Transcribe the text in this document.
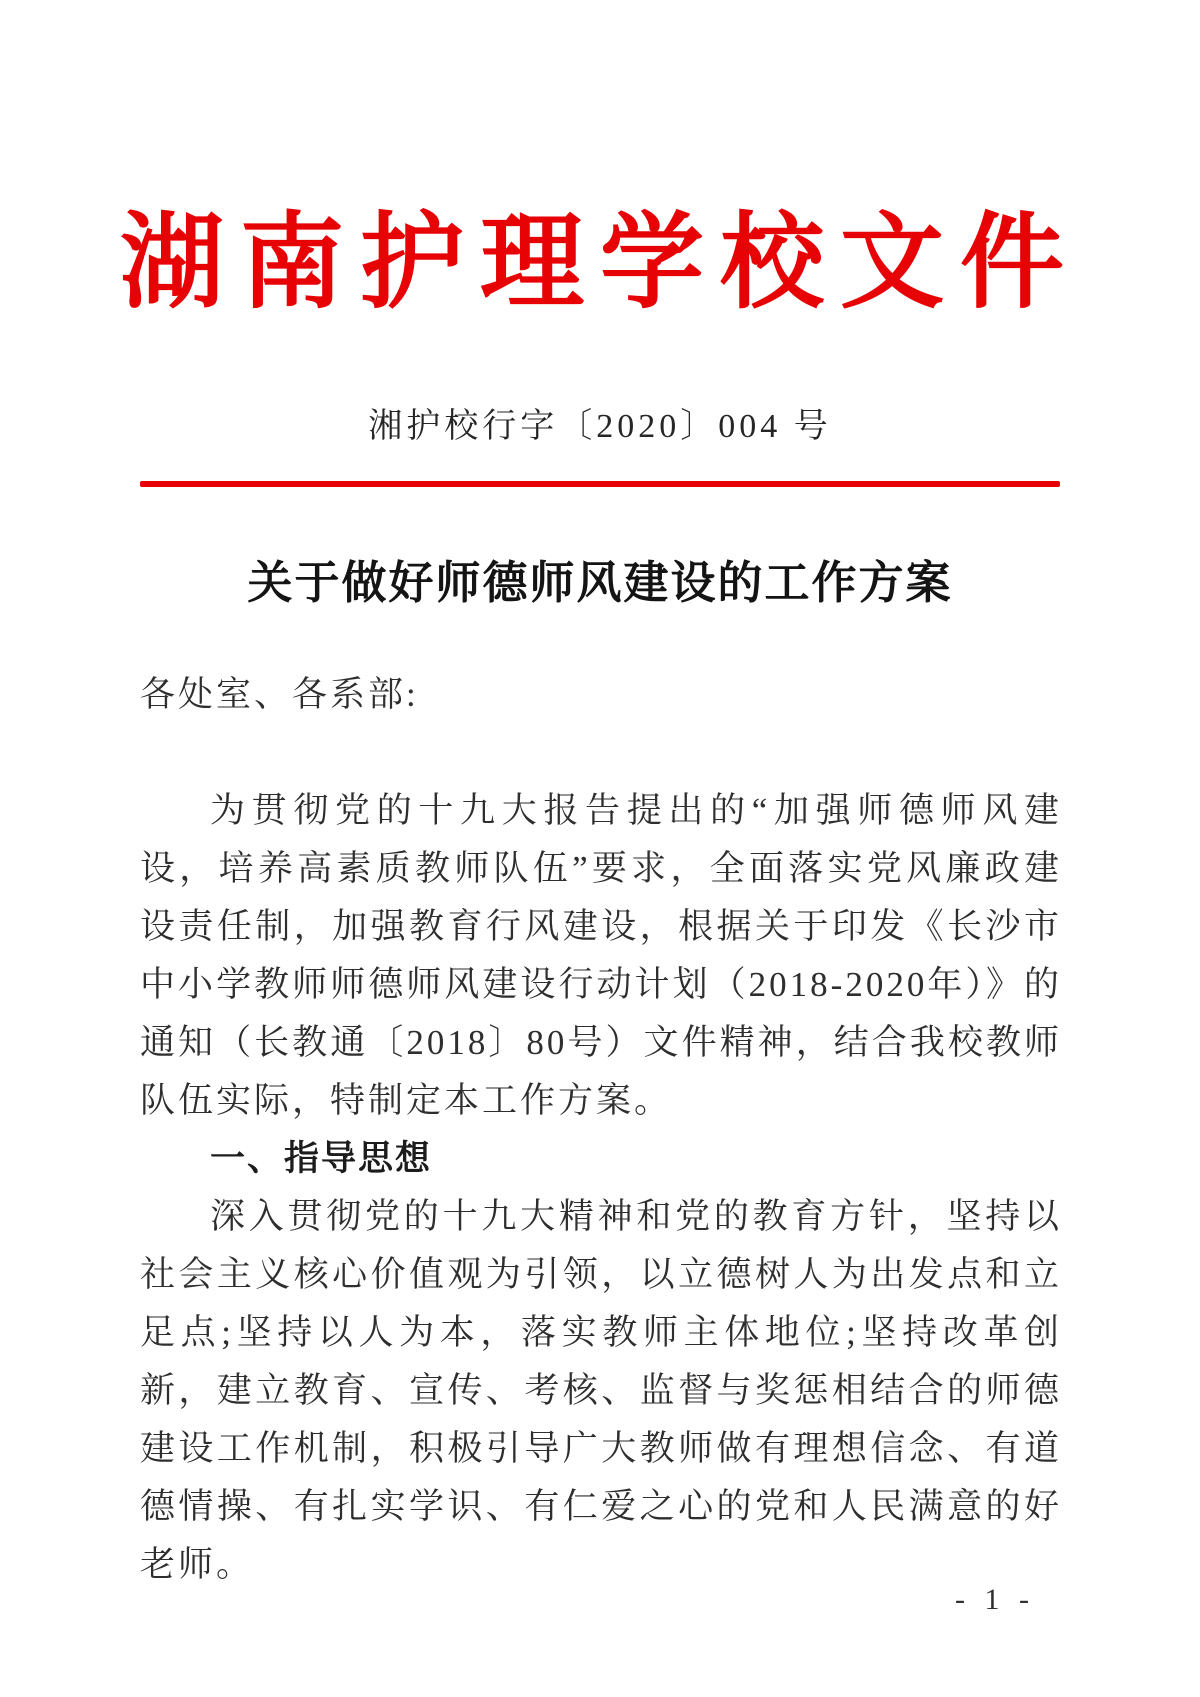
湖南护理学校文件
湘护校行字〔2020〕004 号
关于做好师德师风建设的工作方案

各处室、各系部:

为贯彻党的十九大报告提出的“加强师德师风建设，培养高素质教师队伍”要求，全面落实党风廉政建设责任制，加强教育行风建设，根据关于印发《长沙市中小学教师师德师风建设行动计划（2018-2020年）》的通知（长教通〔2018〕80号）文件精神，结合我校教师队伍实际，特制定本工作方案。

一、指导思想

深入贯彻党的十九大精神和党的教育方针，坚持以社会主义核心价值观为引领，以立德树人为出发点和立足点;坚持以人为本，落实教师主体地位;坚持改革创新，建立教育、宣传、考核、监督与奖惩相结合的师德建设工作机制，积极引导广大教师做有理想信念、有道德情操、有扎实学识、有仁爱之心的党和人民满意的好老师。

- 1 -
